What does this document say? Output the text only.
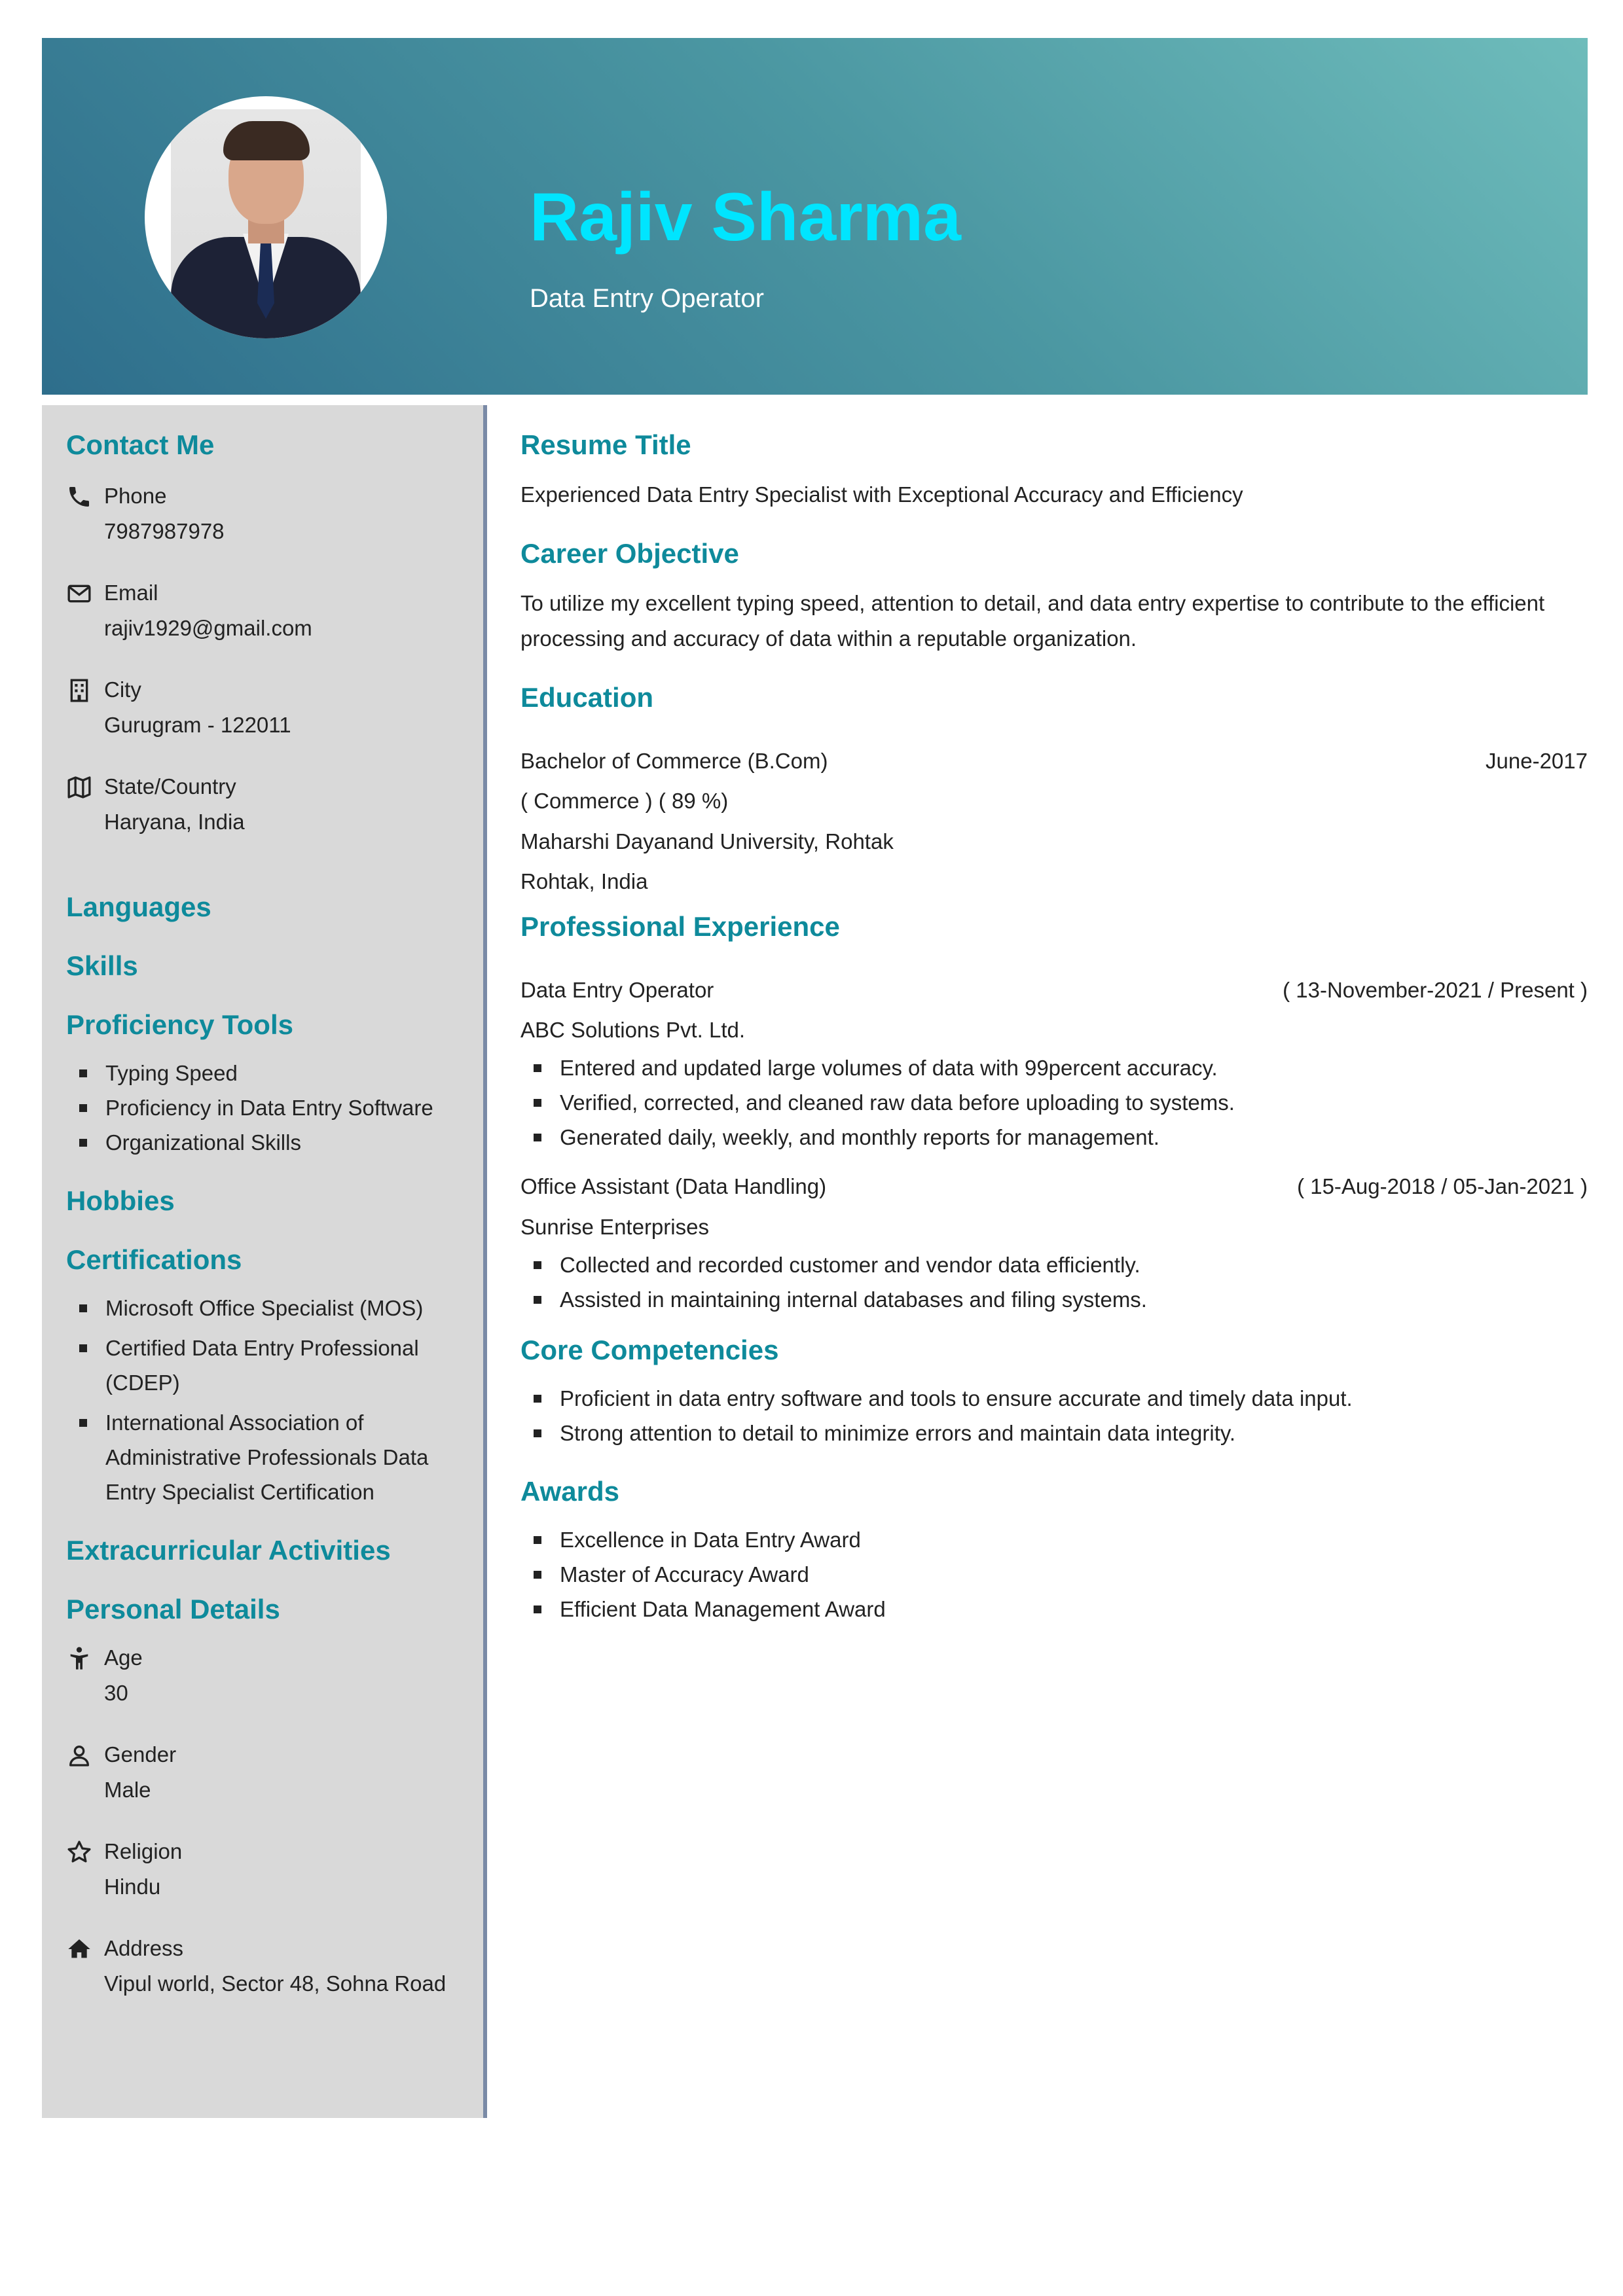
Rajiv Sharma
Data Entry Operator
Contact Me
Phone
7987987978
Email
rajiv1929@gmail.com
City
Gurugram - 122011
State/Country
Haryana, India
Languages
Skills
Proficiency Tools
Typing Speed
Proficiency in Data Entry Software
Organizational Skills
Hobbies
Certifications
Microsoft Office Specialist (MOS)
Certified Data Entry Professional (CDEP)
International Association of Administrative Professionals Data Entry Specialist Certification
Extracurricular Activities
Personal Details
Age
30
Gender
Male
Religion
Hindu
Address
Vipul world, Sector 48, Sohna Road
Resume Title
Experienced Data Entry Specialist with Exceptional Accuracy and Efficiency
Career Objective
To utilize my excellent typing speed, attention to detail, and data entry expertise to contribute to the efficient processing and accuracy of data within a reputable organization.
Education
Bachelor of Commerce (B.Com)	June-2017
( Commerce ) ( 89 %)
Maharshi Dayanand University, Rohtak
Rohtak, India
Professional Experience
Data Entry Operator	( 13-November-2021 / Present )
ABC Solutions Pvt. Ltd.
Entered and updated large volumes of data with 99percent accuracy.
Verified, corrected, and cleaned raw data before uploading to systems.
Generated daily, weekly, and monthly reports for management.
Office Assistant (Data Handling)	( 15-Aug-2018 / 05-Jan-2021 )
Sunrise Enterprises
Collected and recorded customer and vendor data efficiently.
Assisted in maintaining internal databases and filing systems.
Core Competencies
Proficient in data entry software and tools to ensure accurate and timely data input.
Strong attention to detail to minimize errors and maintain data integrity.
Awards
Excellence in Data Entry Award
Master of Accuracy Award
Efficient Data Management Award
